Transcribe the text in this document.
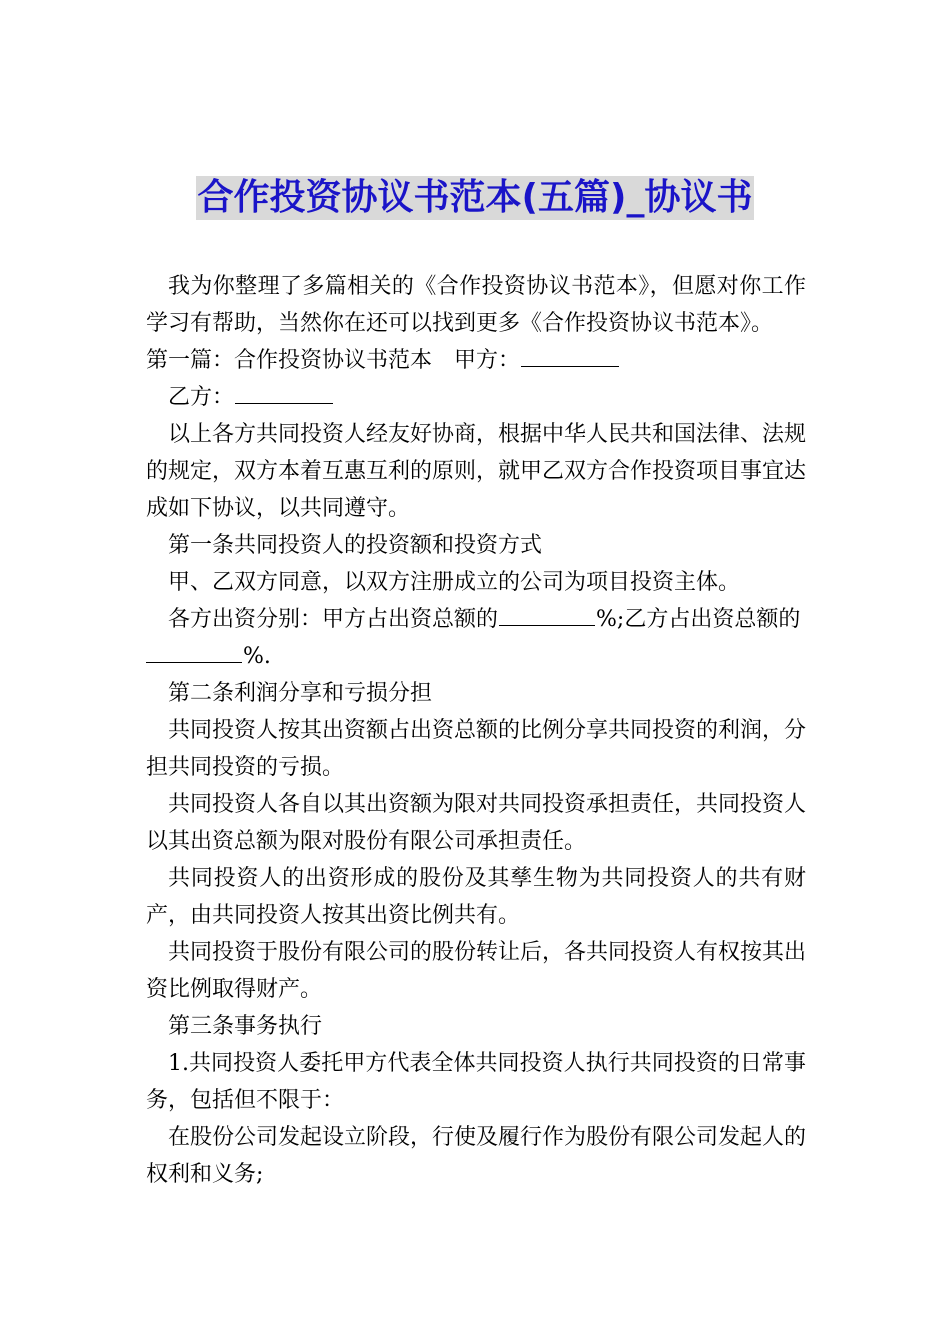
合作投资协议书范本(五篇)_协议书

我为你整理了多篇相关的《合作投资协议书范本》，但愿对你工作学习有帮助，当然你在还可以找到更多《合作投资协议书范本》。

第一篇：合作投资协议书范本 甲方：

乙方：

以上各方共同投资人经友好协商，根据中华人民共和国法律、法规的规定，双方本着互惠互利的原则，就甲乙双方合作投资项目事宜达成如下协议，以共同遵守。

第一条共同投资人的投资额和投资方式

甲、乙双方同意，以双方注册成立的公司为项目投资主体。

各方出资分别：甲方占出资总额的	%;乙方占出资总额的
%.

第二条利润分享和亏损分担

共同投资人按其出资额占出资总额的比例分享共同投资的利润，分担共同投资的亏损。

共同投资人各自以其出资额为限对共同投资承担责任，共同投资人以其出资总额为限对股份有限公司承担责任。

共同投资人的出资形成的股份及其孳生物为共同投资人的共有财产，由共同投资人按其出资比例共有。

共同投资于股份有限公司的股份转让后，各共同投资人有权按其出资比例取得财产。

第三条事务执行

1.共同投资人委托甲方代表全体共同投资人执行共同投资的日常事务，包括但不限于：

在股份公司发起设立阶段，行使及履行作为股份有限公司发起人的权利和义务;
